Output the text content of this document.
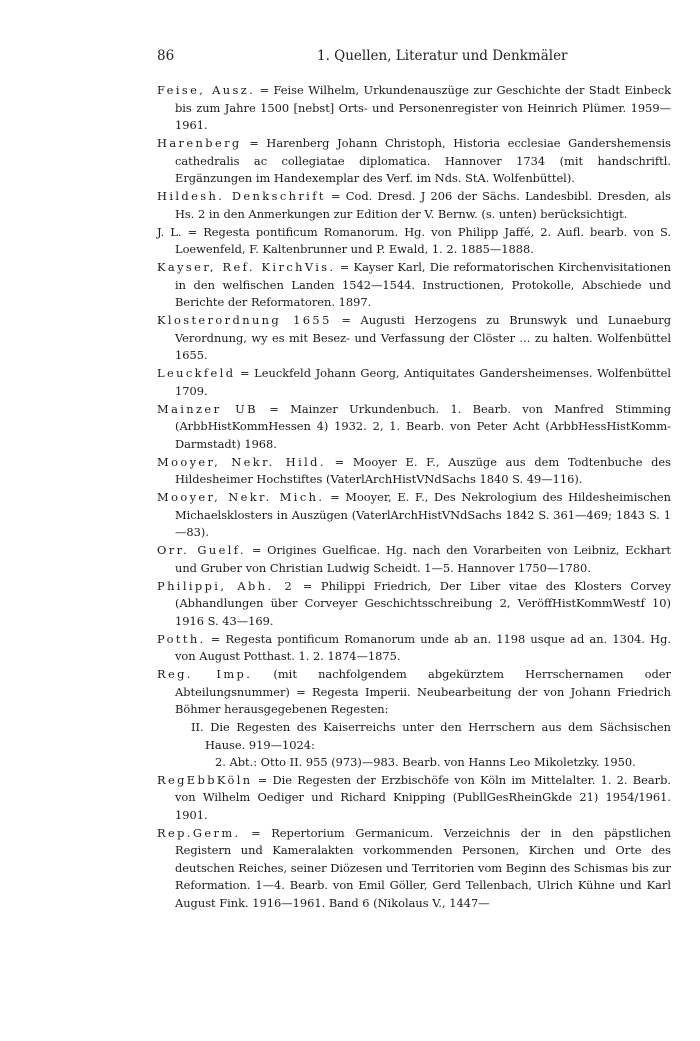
86	1. Quellen, Literatur und Denkmäler

Feise, Ausz. = Feise Wilhelm, Urkundenauszüge zur Geschichte der Stadt Einbeck bis zum Jahre 1500 [nebst] Orts- und Personenregister von Heinrich Plümer. 1959—1961.

Harenberg = Harenberg Johann Christoph, Historia ecclesiae Gandershemensis cathedralis ac collegiatae diplomatica. Hannover 1734 (mit handschriftl. Ergänzungen im Handexemplar des Verf. im Nds. StA. Wolfenbüttel).

Hildesh. Denkschrift = Cod. Dresd. J 206 der Sächs. Landesbibl. Dresden, als Hs. 2 in den Anmerkungen zur Edition der V. Bernw. (s. unten) berücksichtigt.

J. L. = Regesta pontificum Romanorum. Hg. von Philipp Jaffé, 2. Aufl. bearb. von S. Loewenfeld, F. Kaltenbrunner und P. Ewald, 1. 2. 1885—1888.

Kayser, Ref. KirchVis. = Kayser Karl, Die reformatorischen Kirchenvisitationen in den welfischen Landen 1542—1544. Instructionen, Protokolle, Abschiede und Berichte der Reformatoren. 1897.

Klosterordnung 1655 = Augusti Herzogens zu Brunswyk und Lunaeburg Verordnung, wy es mit Besez- und Verfassung der Clöster ... zu halten. Wolfenbüttel 1655.

Leuckfeld = Leuckfeld Johann Georg, Antiquitates Gandersheimenses. Wolfenbüttel 1709.

Mainzer UB = Mainzer Urkundenbuch. 1. Bearb. von Manfred Stimming (ArbbHistKommHessen 4) 1932. 2, 1. Bearb. von Peter Acht (ArbbHessHistKomm-Darmstadt) 1968.

Mooyer, Nekr. Hild. = Mooyer E. F., Auszüge aus dem Todtenbuche des Hildesheimer Hochstiftes (VaterlArchHistVNdSachs 1840 S. 49—116).

Mooyer, Nekr. Mich. = Mooyer, E. F., Des Nekrologium des Hildesheimischen Michaelsklosters in Auszügen (VaterlArchHistVNdSachs 1842 S. 361—469; 1843 S. 1—83).

Orr. Guelf. = Origines Guelficae. Hg. nach den Vorarbeiten von Leibniz, Eckhart und Gruber von Christian Ludwig Scheidt. 1—5. Hannover 1750—1780.

Philippi, Abh. 2 = Philippi Friedrich, Der Liber vitae des Klosters Corvey (Abhandlungen über Corveyer Geschichtsschreibung 2, VeröffHistKommWestf 10) 1916 S. 43—169.

Potth. = Regesta pontificum Romanorum unde ab an. 1198 usque ad an. 1304. Hg. von August Potthast. 1. 2. 1874—1875.

Reg. Imp. (mit nachfolgendem abgekürztem Herrschernamen oder Abteilungsnummer) = Regesta Imperii. Neubearbeitung der von Johann Friedrich Böhmer herausgegebenen Regesten:

II. Die Regesten des Kaiserreichs unter den Herrschern aus dem Sächsischen Hause. 919—1024:

2. Abt.: Otto II. 955 (973)—983. Bearb. von Hanns Leo Mikoletzky. 1950.

RegEbbKöln = Die Regesten der Erzbischöfe von Köln im Mittelalter. 1. 2. Bearb. von Wilhelm Oediger und Richard Knipping (PubllGesRheinGkde 21) 1954/1961. 1901.

Rep.Germ. = Repertorium Germanicum. Verzeichnis der in den päpstlichen Registern und Kameralakten vorkommenden Personen, Kirchen und Orte des deutschen Reiches, seiner Diözesen und Territorien vom Beginn des Schismas bis zur Reformation. 1—4. Bearb. von Emil Göller, Gerd Tellenbach, Ulrich Kühne und Karl August Fink. 1916—1961. Band 6 (Nikolaus V., 1447—
